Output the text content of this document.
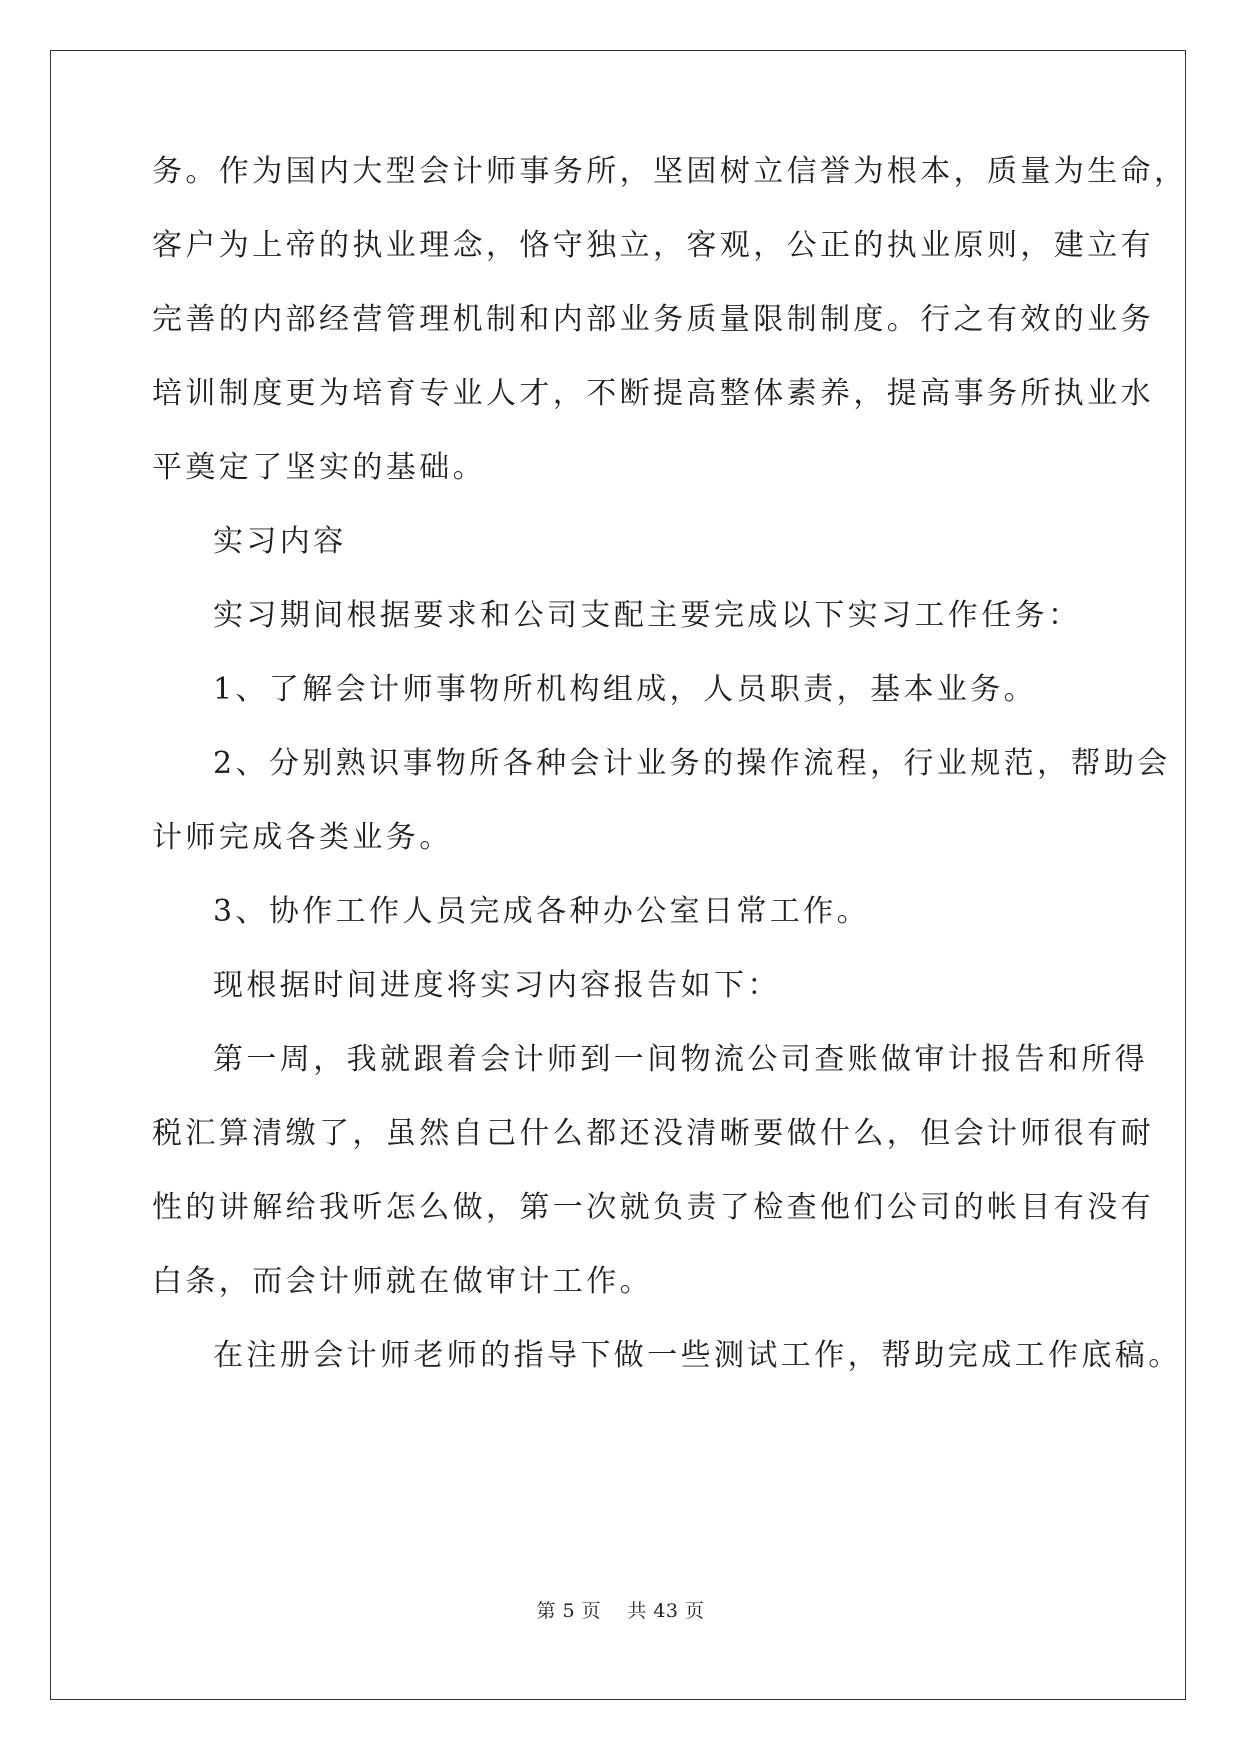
务。作为国内大型会计师事务所，坚固树立信誉为根本，质量为生命，
客户为上帝的执业理念，恪守独立，客观，公正的执业原则，建立有
完善的内部经营管理机制和内部业务质量限制制度。行之有效的业务
培训制度更为培育专业人才，不断提高整体素养，提高事务所执业水
平奠定了坚实的基础。
实习内容
实习期间根据要求和公司支配主要完成以下实习工作任务：
1、了解会计师事物所机构组成，人员职责，基本业务。
2、分别熟识事物所各种会计业务的操作流程，行业规范，帮助会
计师完成各类业务。
3、协作工作人员完成各种办公室日常工作。
现根据时间进度将实习内容报告如下：
第一周，我就跟着会计师到一间物流公司查账做审计报告和所得
税汇算清缴了，虽然自己什么都还没清晰要做什么，但会计师很有耐
性的讲解给我听怎么做，第一次就负责了检查他们公司的帐目有没有
白条，而会计师就在做审计工作。
在注册会计师老师的指导下做一些测试工作，帮助完成工作底稿。
第 5 页 共 43 页
